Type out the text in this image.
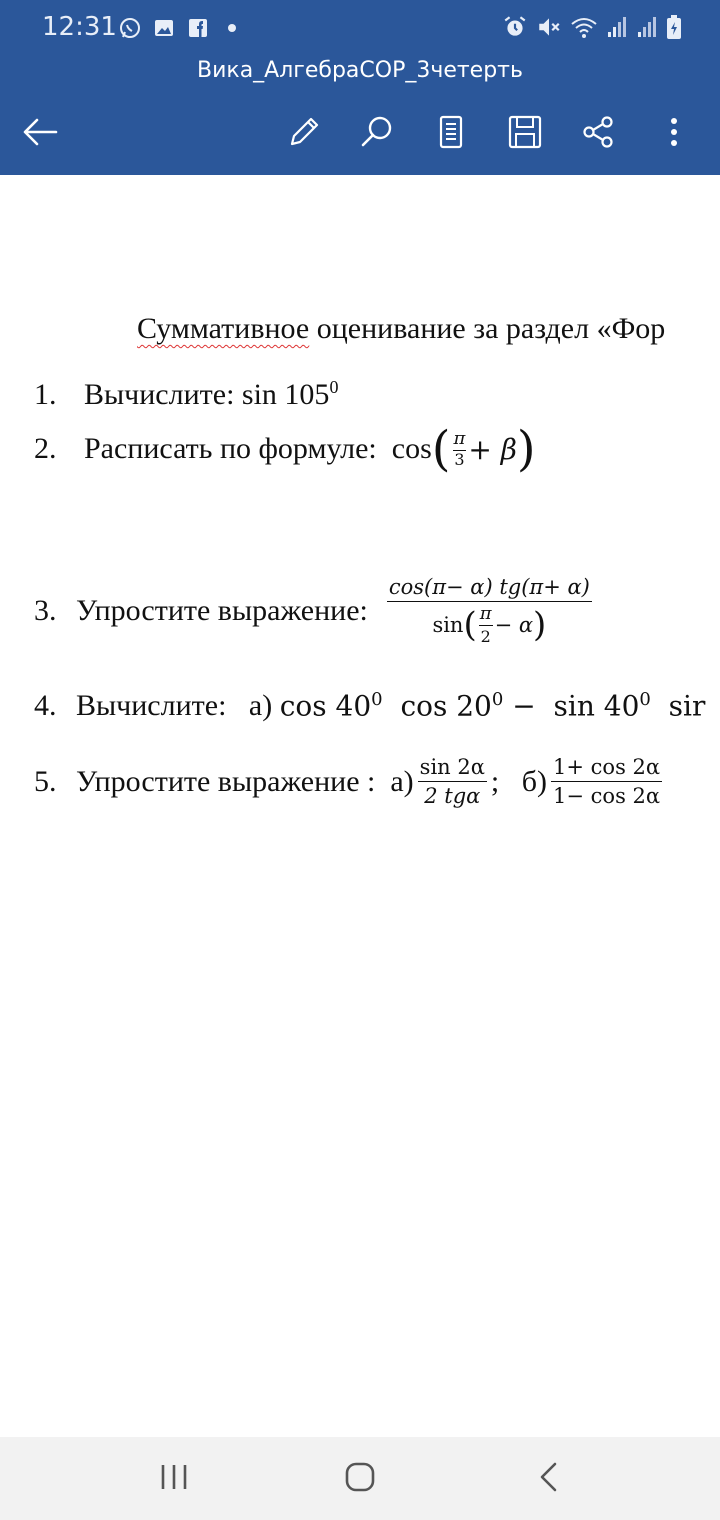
12:31
Вика_АлгебраСОР_3четерть
Суммативное оценивание за раздел «Фор
1. Вычислите:
$\sin 105^0$
2. Расписать по формуле:
cos ( π
3 + β )
3. Упростите выражение:
cos(π− α) tg(π+ α)
sin ( π
2 − α )
4. Вычислите:
а)
$\cos 40^0$ $\cos 20^0 - \sin 40^0$ sir
5. Упростите выражение :
$а) \frac{\sin 2\alpha}{\text{2 tgα}}$ ;
$б) \frac{1+ \cos 2\alpha}{1- \cos 2\alpha}$
